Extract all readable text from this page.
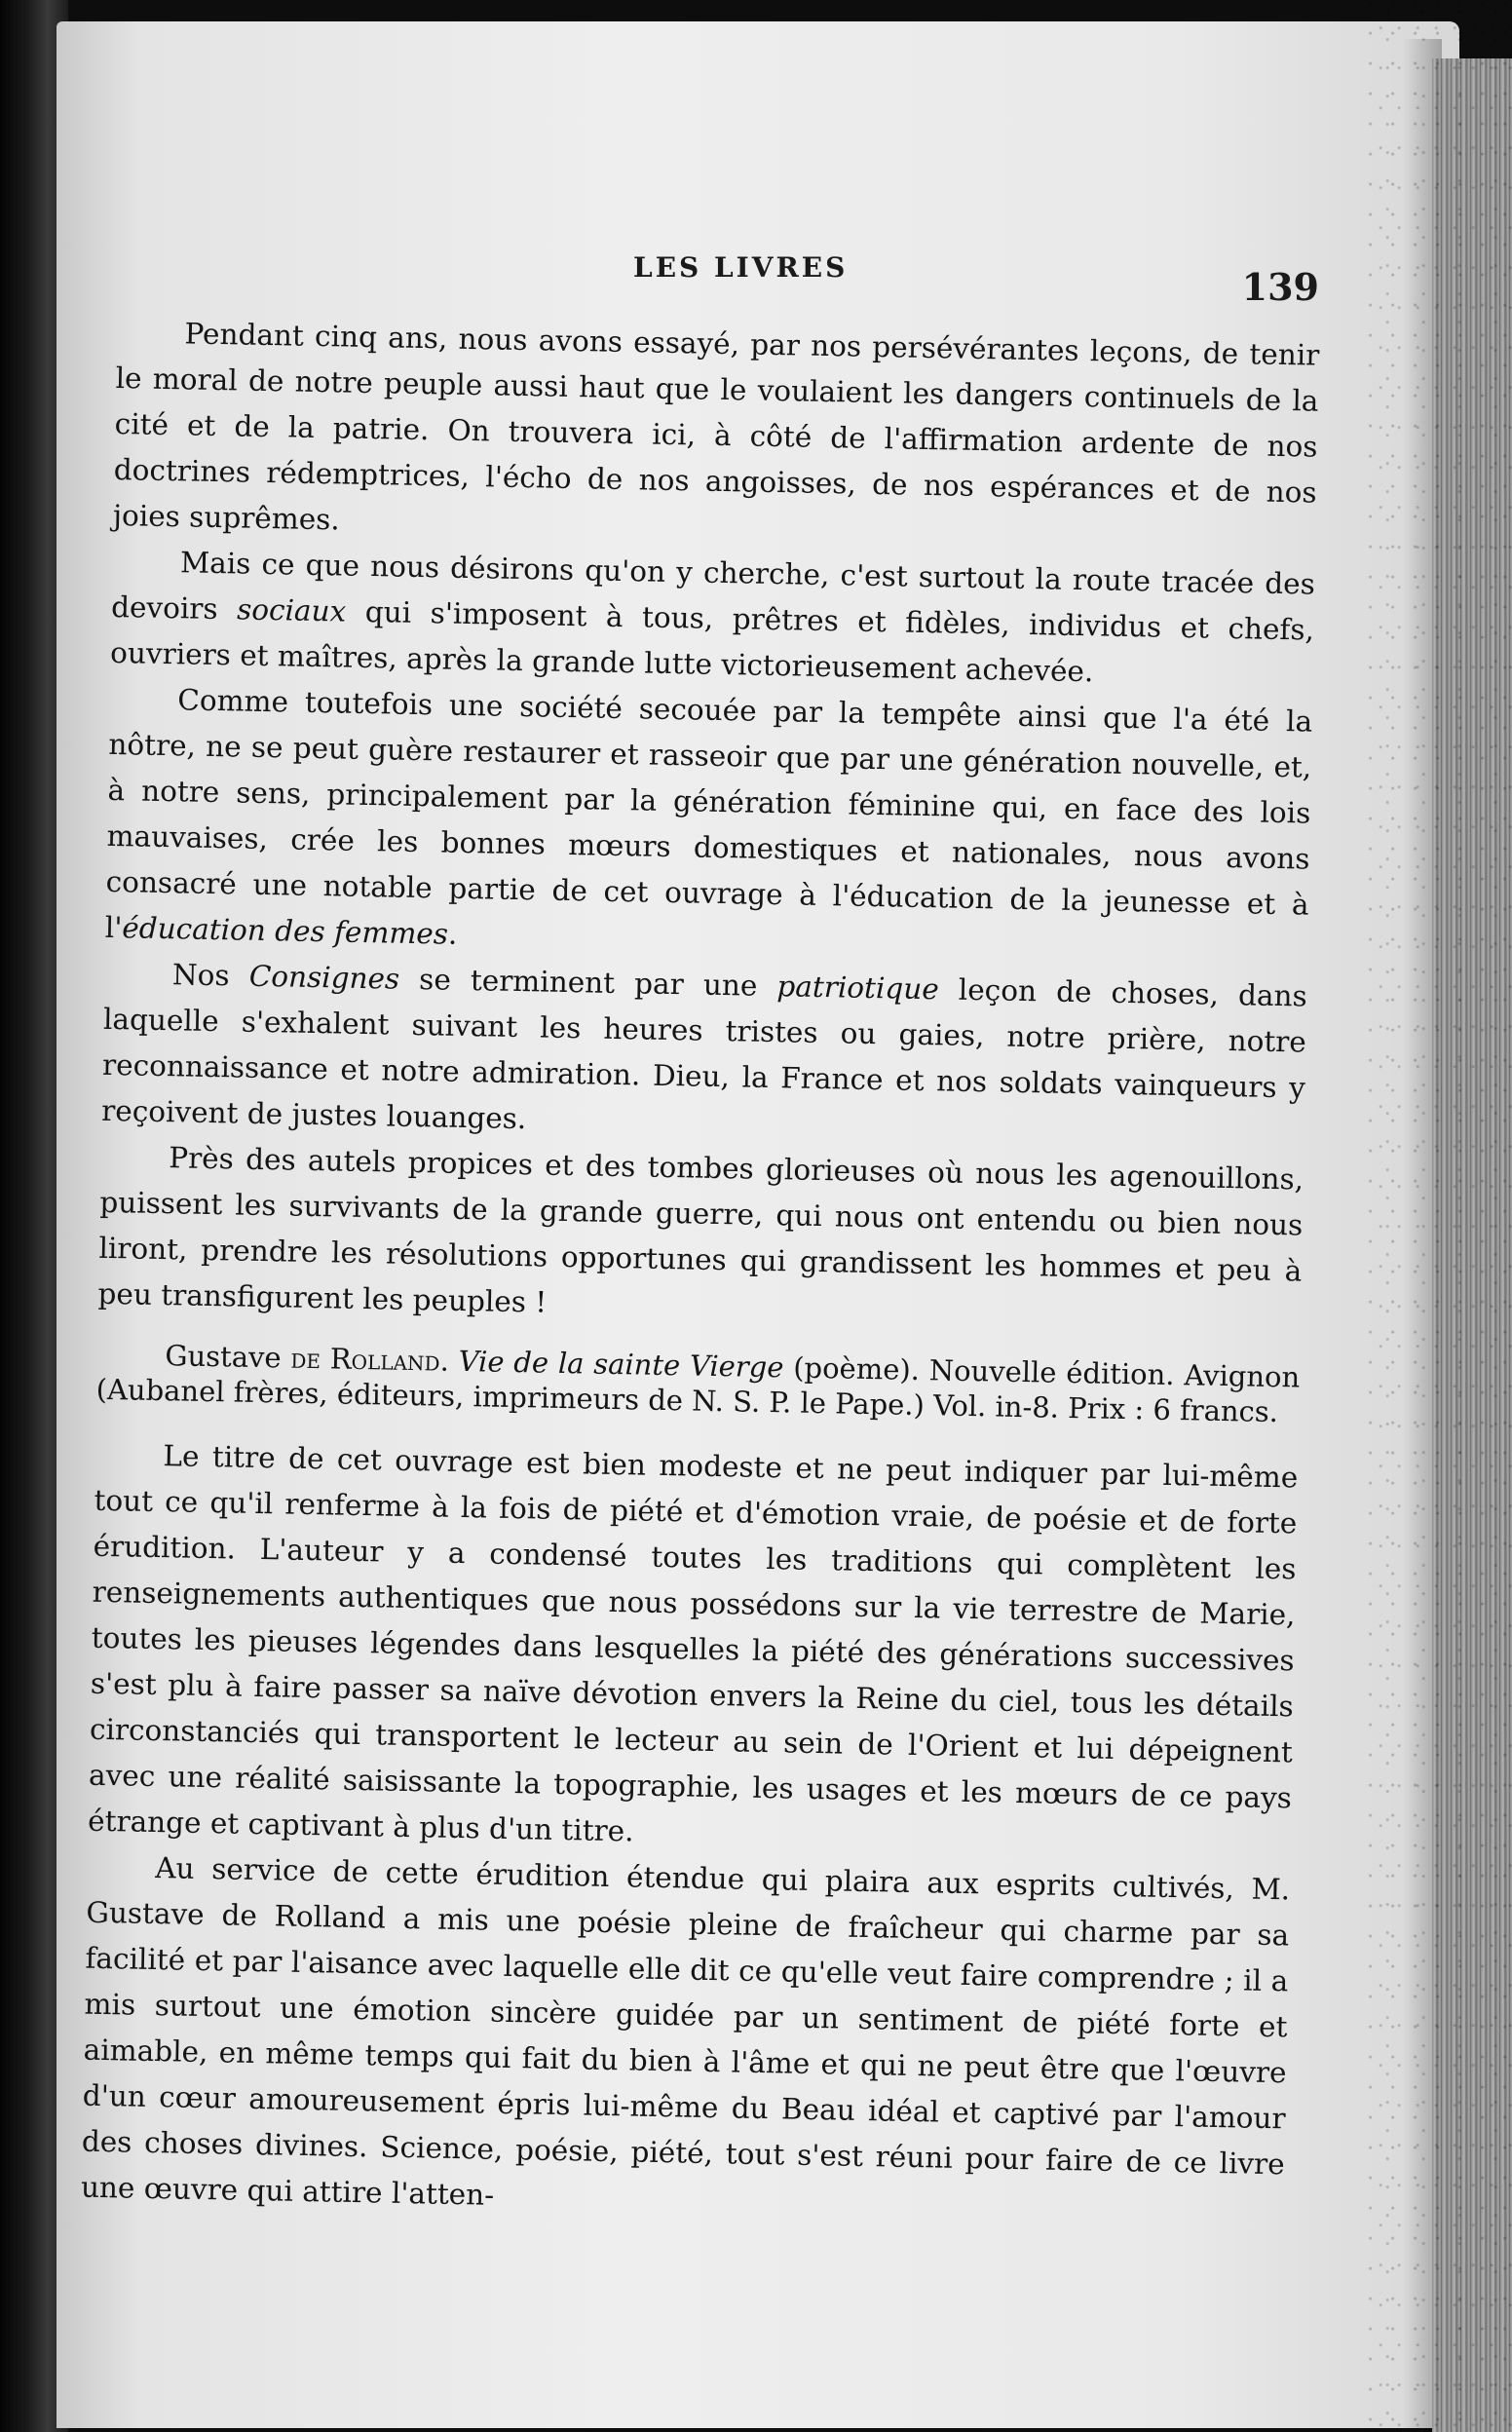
LES LIVRES	139

Pendant cinq ans, nous avons essayé, par nos persévérantes leçons, de tenir le moral de notre peuple aussi haut que le voulaient les dangers continuels de la cité et de la patrie. On trouvera ici, à côté de l'affirmation ardente de nos doctrines rédemptrices, l'écho de nos angoisses, de nos espérances et de nos joies suprêmes.

Mais ce que nous désirons qu'on y cherche, c'est surtout la route tracée des devoirs sociaux qui s'imposent à tous, prêtres et fidèles, individus et chefs, ouvriers et maîtres, après la grande lutte victorieusement achevée.

Comme toutefois une société secouée par la tempête ainsi que l'a été la nôtre, ne se peut guère restaurer et rasseoir que par une génération nouvelle, et, à notre sens, principalement par la génération féminine qui, en face des lois mauvaises, crée les bonnes mœurs domestiques et nationales, nous avons consacré une notable partie de cet ouvrage à l'éducation de la jeunesse et à l'éducation des femmes.

Nos Consignes se terminent par une patriotique leçon de choses, dans laquelle s'exhalent suivant les heures tristes ou gaies, notre prière, notre reconnaissance et notre admiration. Dieu, la France et nos soldats vainqueurs y reçoivent de justes louanges.

Près des autels propices et des tombes glorieuses où nous les agenouillons, puissent les survivants de la grande guerre, qui nous ont entendu ou bien nous liront, prendre les résolutions opportunes qui grandissent les hommes et peu à peu transfigurent les peuples !

Gustave de Rolland. Vie de la sainte Vierge (poème). Nouvelle édition. Avignon (Aubanel frères, éditeurs, imprimeurs de N. S. P. le Pape.) Vol. in-8. Prix : 6 francs.

Le titre de cet ouvrage est bien modeste et ne peut indiquer par lui-même tout ce qu'il renferme à la fois de piété et d'émotion vraie, de poésie et de forte érudition. L'auteur y a condensé toutes les traditions qui complètent les renseignements authentiques que nous possédons sur la vie terrestre de Marie, toutes les pieuses légendes dans lesquelles la piété des générations successives s'est plu à faire passer sa naïve dévotion envers la Reine du ciel, tous les détails circonstanciés qui transportent le lecteur au sein de l'Orient et lui dépeignent avec une réalité saisissante la topographie, les usages et les mœurs de ce pays étrange et captivant à plus d'un titre.

Au service de cette érudition étendue qui plaira aux esprits cultivés, M. Gustave de Rolland a mis une poésie pleine de fraîcheur qui charme par sa facilité et par l'aisance avec laquelle elle dit ce qu'elle veut faire comprendre ; il a mis surtout une émotion sincère guidée par un sentiment de piété forte et aimable, en même temps qui fait du bien à l'âme et qui ne peut être que l'œuvre d'un cœur amoureusement épris lui-même du Beau idéal et captivé par l'amour des choses divines. Science, poésie, piété, tout s'est réuni pour faire de ce livre une œuvre qui attire l'atten-
